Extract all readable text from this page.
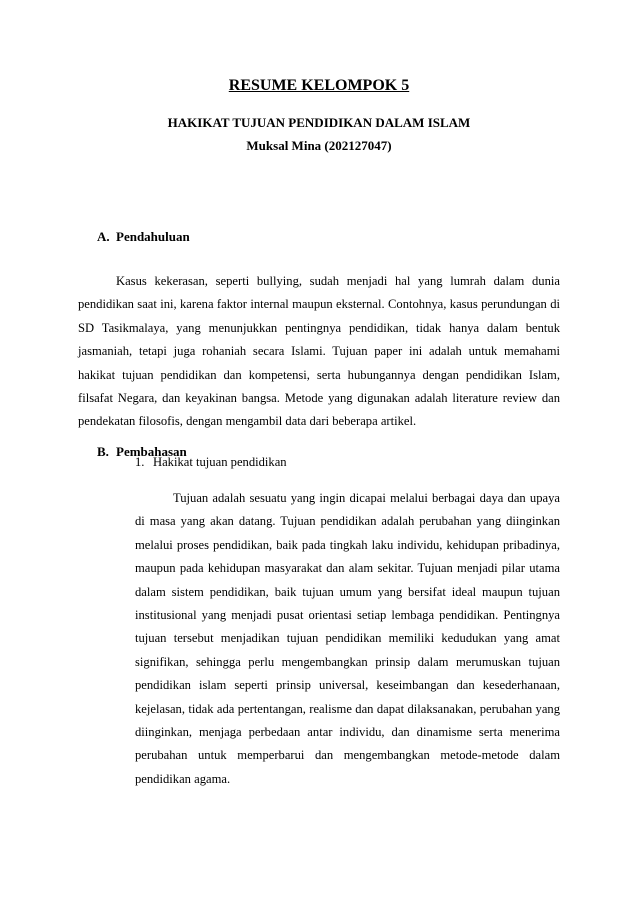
RESUME KELOMPOK 5
HAKIKAT TUJUAN PENDIDIKAN DALAM ISLAM
Muksal Mina (202127047)
A. Pendahuluan
Kasus kekerasan, seperti bullying, sudah menjadi hal yang lumrah dalam dunia pendidikan saat ini, karena faktor internal maupun eksternal. Contohnya, kasus perundungan di SD Tasikmalaya, yang menunjukkan pentingnya pendidikan, tidak hanya dalam bentuk jasmaniah, tetapi juga rohaniah secara Islami. Tujuan paper ini adalah untuk memahami hakikat tujuan pendidikan dan kompetensi, serta hubungannya dengan pendidikan Islam, filsafat Negara, dan keyakinan bangsa. Metode yang digunakan adalah literature review dan pendekatan filosofis, dengan mengambil data dari beberapa artikel.
B. Pembahasan
1. Hakikat tujuan pendidikan
Tujuan adalah sesuatu yang ingin dicapai melalui berbagai daya dan upaya di masa yang akan datang. Tujuan pendidikan adalah perubahan yang diinginkan melalui proses pendidikan, baik pada tingkah laku individu, kehidupan pribadinya, maupun pada kehidupan masyarakat dan alam sekitar. Tujuan menjadi pilar utama dalam sistem pendidikan, baik tujuan umum yang bersifat ideal maupun tujuan institusional yang menjadi pusat orientasi setiap lembaga pendidikan. Pentingnya tujuan tersebut menjadikan tujuan pendidikan memiliki kedudukan yang amat signifikan, sehingga perlu mengembangkan prinsip dalam merumuskan tujuan pendidikan islam seperti prinsip universal, keseimbangan dan kesederhanaan, kejelasan, tidak ada pertentangan, realisme dan dapat dilaksanakan, perubahan yang diinginkan, menjaga perbedaan antar individu, dan dinamisme serta menerima perubahan untuk memperbarui dan mengembangkan metode-metode dalam pendidikan agama.
